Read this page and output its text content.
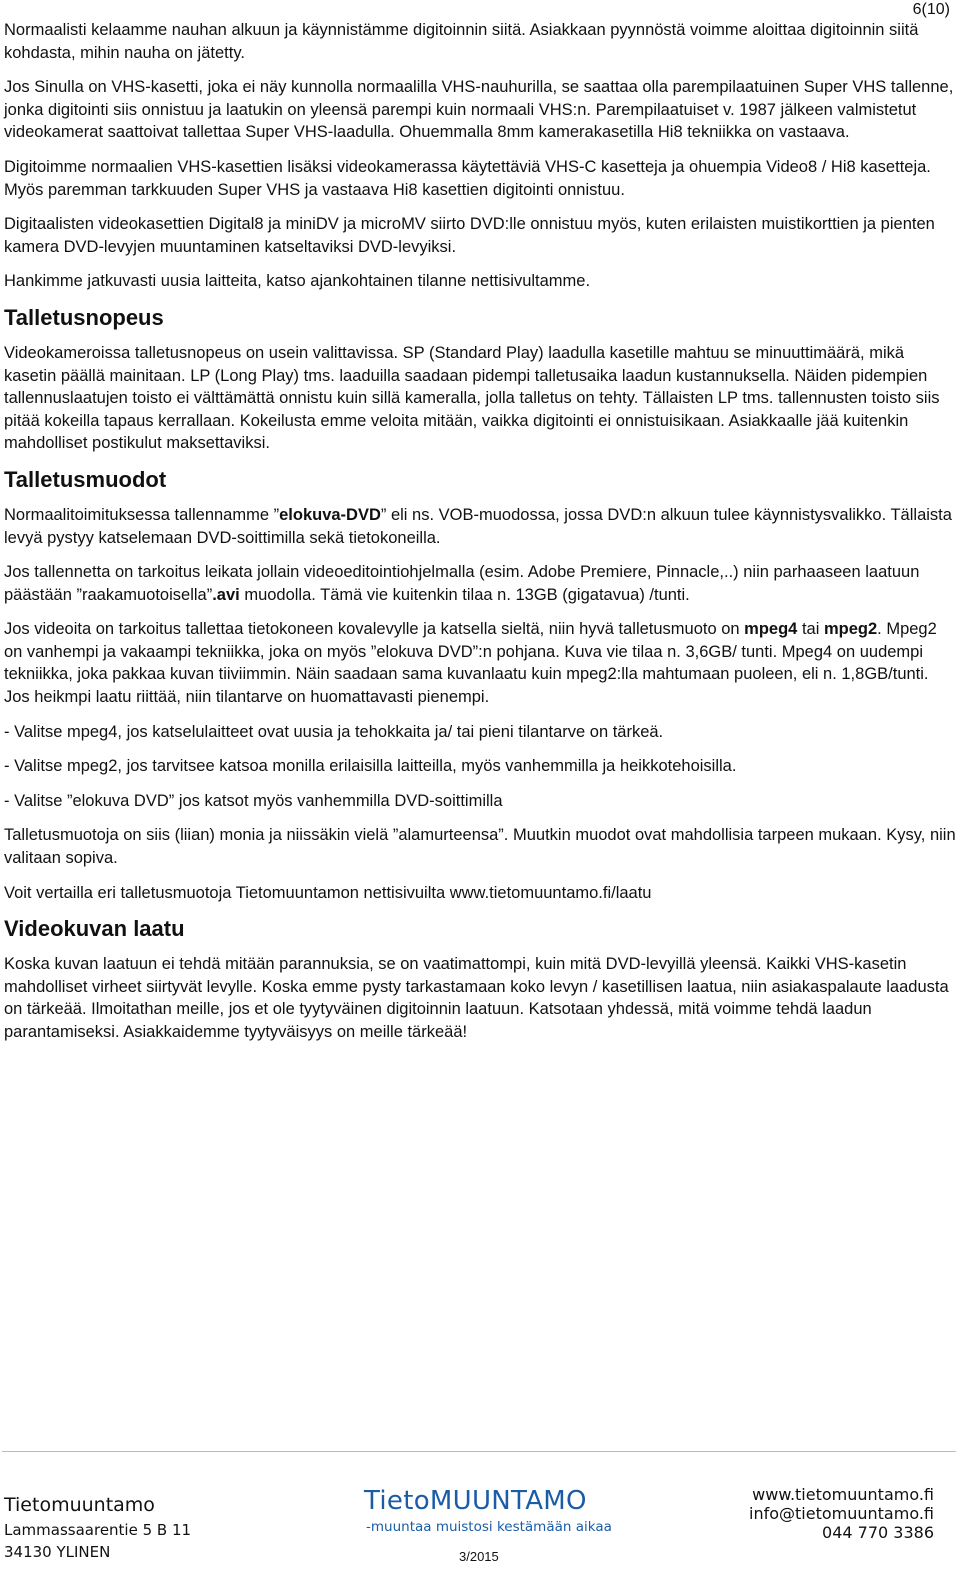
6(10)

Normaalisti kelaamme nauhan alkuun ja käynnistämme digitoinnin siitä. Asiakkaan pyynnöstä voimme aloittaa digitoinnin siitä kohdasta, mihin nauha on jätetty.

Jos Sinulla on VHS-kasetti, joka ei näy kunnolla normaalilla VHS-nauhurilla, se saattaa olla parempilaatuinen Super VHS tallenne, jonka digitointi siis onnistuu ja laatukin on yleensä parempi kuin normaali VHS:n. Parempilaatuiset v. 1987 jälkeen valmistetut videokamerat saattoivat tallettaa Super VHS-laadulla. Ohuemmalla 8mm kamerakasetilla Hi8 tekniikka on vastaava.

Digitoimme normaalien VHS-kasettien lisäksi videokamerassa käytettäviä VHS-C kasetteja ja ohuempia Video8 / Hi8 kasetteja. Myös paremman tarkkuuden Super VHS ja vastaava Hi8 kasettien digitointi onnistuu.

Digitaalisten videokasettien Digital8 ja miniDV ja microMV siirto DVD:lle onnistuu myös, kuten erilaisten muistikorttien ja pienten kamera DVD-levyjen muuntaminen katseltaviksi DVD-levyiksi.

Hankimme jatkuvasti uusia laitteita, katso ajankohtainen tilanne nettisivultamme.

Talletusnopeus

Videokameroissa talletusnopeus on usein valittavissa. SP (Standard Play) laadulla kasetille mahtuu se minuuttimäärä, mikä kasetin päällä mainitaan. LP (Long Play) tms. laaduilla saadaan pidempi talletusaika laadun kustannuksella. Näiden pidempien tallennuslaatujen toisto ei välttämättä onnistu kuin sillä kameralla, jolla talletus on tehty. Tällaisten LP tms. tallennusten toisto siis pitää kokeilla tapaus kerrallaan. Kokeilusta emme veloita mitään, vaikka digitointi ei onnistuisikaan. Asiakkaalle jää kuitenkin mahdolliset postikulut maksettaviksi.

Talletusmuodot

Normaalitoimituksessa tallennamme ”elokuva-DVD” eli ns. VOB-muodossa, jossa DVD:n alkuun tulee käynnistysvalikko. Tällaista levyä pystyy katselemaan DVD-soittimilla sekä tietokoneilla.

Jos tallennetta on tarkoitus leikata jollain videoeditointiohjelmalla (esim. Adobe Premiere, Pinnacle,..) niin parhaaseen laatuun päästään ”raakamuotoisella”.avi muodolla. Tämä vie kuitenkin tilaa n. 13GB (gigatavua) /tunti.

Jos videoita on tarkoitus tallettaa tietokoneen kovalevylle ja katsella sieltä, niin hyvä talletusmuoto on mpeg4 tai mpeg2. Mpeg2 on vanhempi ja vakaampi tekniikka, joka on myös ”elokuva DVD”:n pohjana. Kuva vie tilaa n. 3,6GB/ tunti. Mpeg4 on uudempi tekniikka, joka pakkaa kuvan tiiviimmin. Näin saadaan sama kuvanlaatu kuin mpeg2:lla mahtumaan puoleen, eli n. 1,8GB/tunti. Jos heikmpi laatu riittää, niin tilantarve on huomattavasti pienempi.

- Valitse mpeg4, jos katselulaitteet ovat uusia ja tehokkaita ja/ tai pieni tilantarve on tärkeä.

- Valitse mpeg2, jos tarvitsee katsoa monilla erilaisilla laitteilla, myös vanhemmilla ja heikkotehoisilla.

- Valitse ”elokuva DVD” jos katsot myös vanhemmilla DVD-soittimilla

Talletusmuotoja on siis (liian) monia ja niissäkin vielä ”alamurteensa”. Muutkin muodot ovat mahdollisia tarpeen mukaan. Kysy, niin valitaan sopiva.

Voit vertailla eri talletusmuotoja Tietomuuntamon nettisivuilta www.tietomuuntamo.fi/laatu

Videokuvan laatu

Koska kuvan laatuun ei tehdä mitään parannuksia, se on vaatimattompi, kuin mitä DVD-levyillä yleensä. Kaikki VHS-kasetin mahdolliset virheet siirtyvät levylle. Koska emme pysty tarkastamaan koko levyn / kasetillisen laatua, niin asiakaspalaute laadusta on tärkeää. Ilmoitathan meille, jos et ole tyytyväinen digitoinnin laatuun. Katsotaan yhdessä, mitä voimme tehdä laadun parantamiseksi. Asiakkaidemme tyytyväisyys on meille tärkeää!

Tietomuuntamo
Lammassaarentie 5 B 11
34130 YLINEN
TietoMUUNTAMO
-muuntaa muistosi kestämään aikaa
3/2015
www.tietomuuntamo.fi
info@tietomuuntamo.fi
044 770 3386
